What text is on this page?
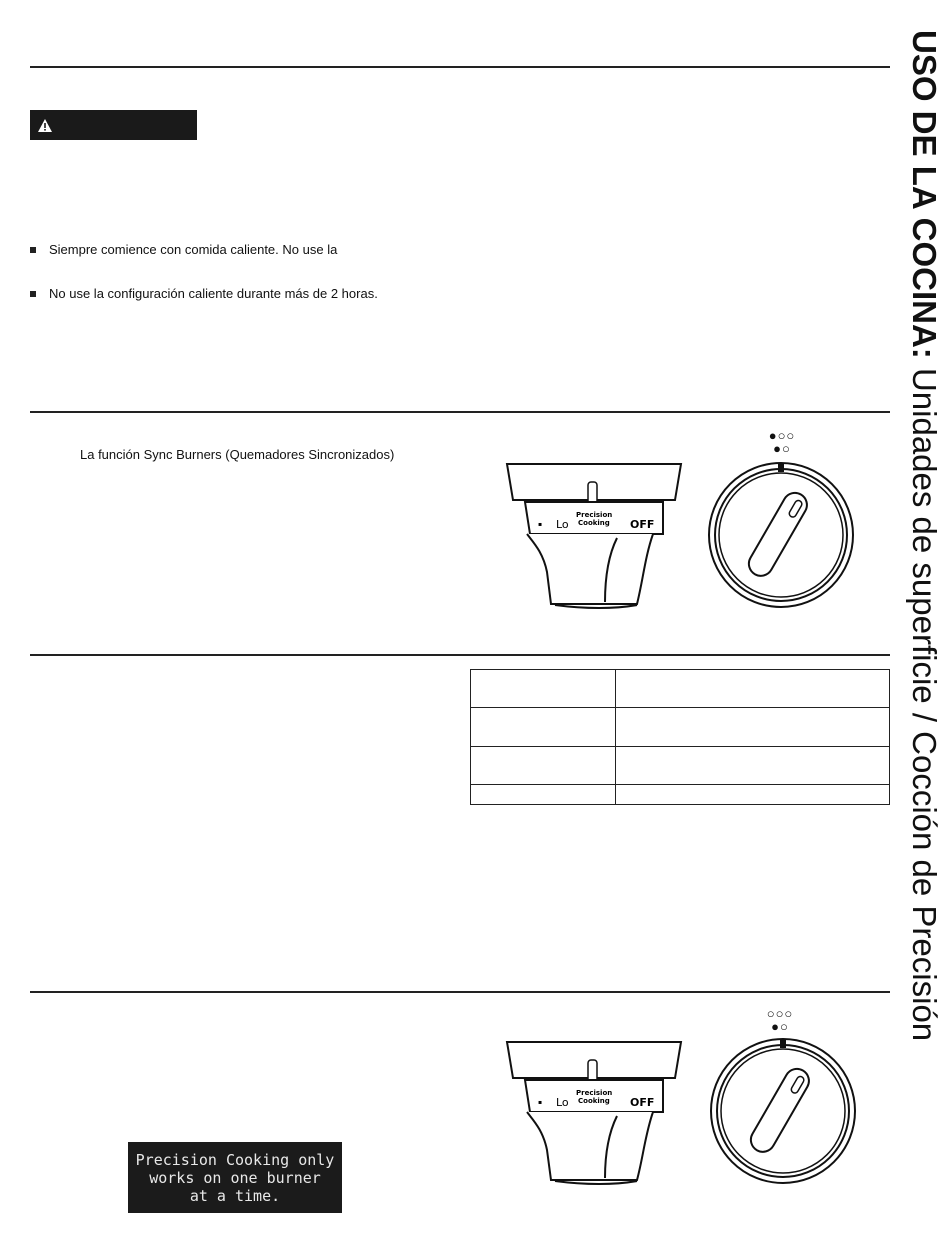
Siempre comience con comida caliente. No use la
No use la configuración caliente durante más de 2 horas.
La función Sync Burners (Quemadores Sincronizados)
●○○
●○
▪ Lo
Precision
Cooking OFF

○○○
●○
▪ Lo
Precision
Cooking OFF
Precision Cooking only
works on one burner
at a time.
USO DE LA COCINA: Unidades de superficie / Cocción de Precisión
